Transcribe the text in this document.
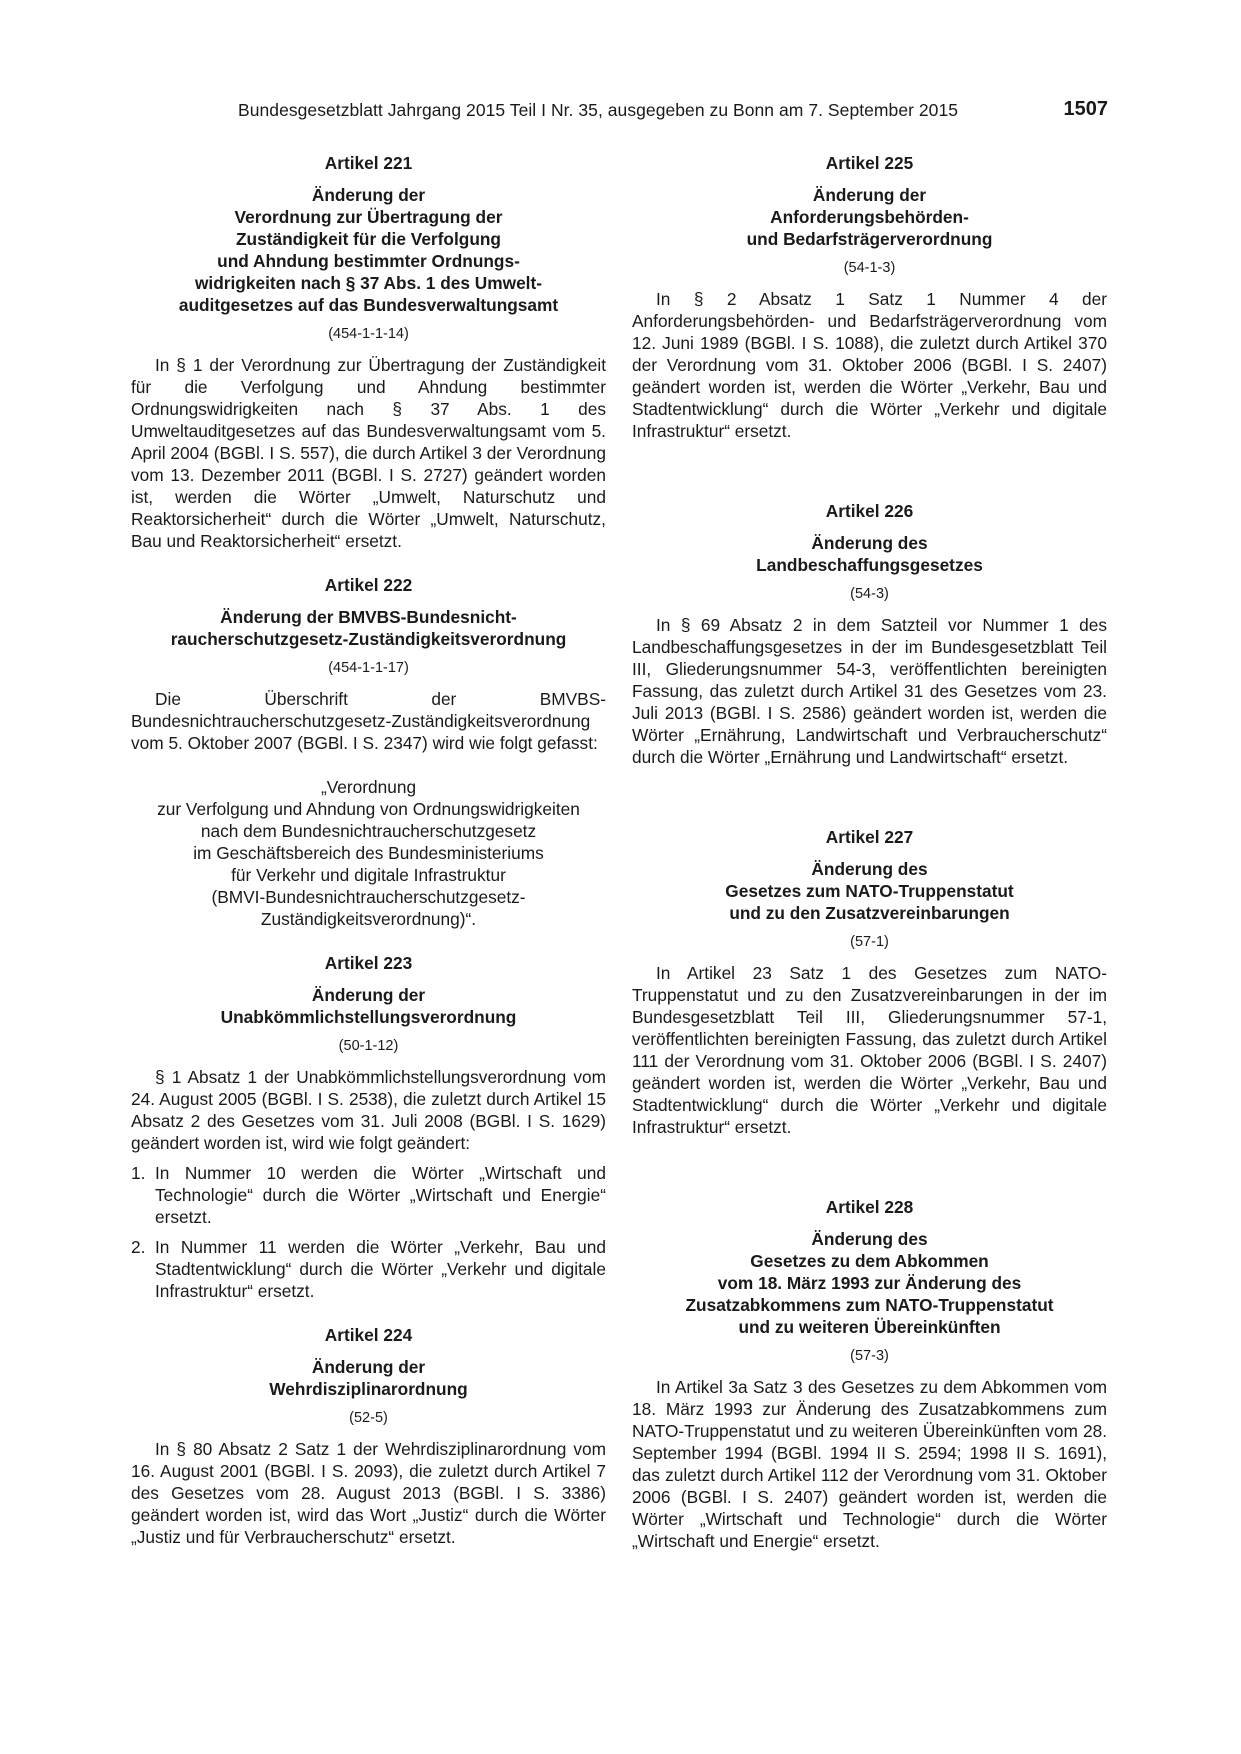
Bundesgesetzblatt Jahrgang 2015 Teil I Nr. 35, ausgegeben zu Bonn am 7. September 2015	1507
Artikel 221
Änderung der
Verordnung zur Übertragung der
Zuständigkeit für die Verfolgung
und Ahndung bestimmter Ordnungs-
widrigkeiten nach § 37 Abs. 1 des Umwelt-
auditgesetzes auf das Bundesverwaltungsamt
(454-1-1-14)

In § 1 der Verordnung zur Übertragung der Zuständigkeit für die Verfolgung und Ahndung bestimmter Ordnungswidrigkeiten nach § 37 Abs. 1 des Umweltauditgesetzes auf das Bundesverwaltungsamt vom 5. April 2004 (BGBl. I S. 557), die durch Artikel 3 der Verordnung vom 13. Dezember 2011 (BGBl. I S. 2727) geändert worden ist, werden die Wörter „Umwelt, Naturschutz und Reaktorsicherheit“ durch die Wörter „Umwelt, Naturschutz, Bau und Reaktorsicherheit“ ersetzt.

Artikel 222
Änderung der BMVBS-Bundesnicht-
raucherschutzgesetz-Zuständigkeitsverordnung
(454-1-1-17)

Die Überschrift der BMVBS-Bundesnichtraucherschutzgesetz-Zuständigkeitsverordnung vom 5. Oktober 2007 (BGBl. I S. 2347) wird wie folgt gefasst:

„Verordnung
zur Verfolgung und Ahndung von Ordnungswidrigkeiten
nach dem Bundesnichtraucherschutzgesetz
im Geschäftsbereich des Bundesministeriums
für Verkehr und digitale Infrastruktur
(BMVI-Bundesnichtraucherschutzgesetz-
Zuständigkeitsverordnung)“.
Artikel 223
Änderung der
Unabkömmlichstellungsverordnung
(50-1-12)

§ 1 Absatz 1 der Unabkömmlichstellungsverordnung vom 24. August 2005 (BGBl. I S. 2538), die zuletzt durch Artikel 15 Absatz 2 des Gesetzes vom 31. Juli 2008 (BGBl. I S. 1629) geändert worden ist, wird wie folgt geändert:

1. In Nummer 10 werden die Wörter „Wirtschaft und Technologie“ durch die Wörter „Wirtschaft und Energie“ ersetzt.
2. In Nummer 11 werden die Wörter „Verkehr, Bau und Stadtentwicklung“ durch die Wörter „Verkehr und digitale Infrastruktur“ ersetzt.
Artikel 224
Änderung der
Wehrdisziplinarordnung
(52-5)

In § 80 Absatz 2 Satz 1 der Wehrdisziplinarordnung vom 16. August 2001 (BGBl. I S. 2093), die zuletzt durch Artikel 7 des Gesetzes vom 28. August 2013 (BGBl. I S. 3386) geändert worden ist, wird das Wort „Justiz“ durch die Wörter „Justiz und für Verbraucherschutz“ ersetzt.

Artikel 225
Änderung der
Anforderungsbehörden-
und Bedarfsträgerverordnung
(54-1-3)

In § 2 Absatz 1 Satz 1 Nummer 4 der Anforderungsbehörden- und Bedarfsträgerverordnung vom 12. Juni 1989 (BGBl. I S. 1088), die zuletzt durch Artikel 370 der Verordnung vom 31. Oktober 2006 (BGBl. I S. 2407) geändert worden ist, werden die Wörter „Verkehr, Bau und Stadtentwicklung“ durch die Wörter „Verkehr und digitale Infrastruktur“ ersetzt.

Artikel 226
Änderung des
Landbeschaffungsgesetzes
(54-3)

In § 69 Absatz 2 in dem Satzteil vor Nummer 1 des Landbeschaffungsgesetzes in der im Bundesgesetzblatt Teil III, Gliederungsnummer 54-3, veröffentlichten bereinigten Fassung, das zuletzt durch Artikel 31 des Gesetzes vom 23. Juli 2013 (BGBl. I S. 2586) geändert worden ist, werden die Wörter „Ernährung, Landwirtschaft und Verbraucherschutz“ durch die Wörter „Ernährung und Landwirtschaft“ ersetzt.

Artikel 227
Änderung des
Gesetzes zum NATO-Truppenstatut
und zu den Zusatzvereinbarungen
(57-1)

In Artikel 23 Satz 1 des Gesetzes zum NATO-Truppenstatut und zu den Zusatzvereinbarungen in der im Bundesgesetzblatt Teil III, Gliederungsnummer 57-1, veröffentlichten bereinigten Fassung, das zuletzt durch Artikel 111 der Verordnung vom 31. Oktober 2006 (BGBl. I S. 2407) geändert worden ist, werden die Wörter „Verkehr, Bau und Stadtentwicklung“ durch die Wörter „Verkehr und digitale Infrastruktur“ ersetzt.

Artikel 228
Änderung des
Gesetzes zu dem Abkommen
vom 18. März 1993 zur Änderung des
Zusatzabkommens zum NATO-Truppenstatut
und zu weiteren Übereinkünften
(57-3)

In Artikel 3a Satz 3 des Gesetzes zu dem Abkommen vom 18. März 1993 zur Änderung des Zusatzabkommens zum NATO-Truppenstatut und zu weiteren Übereinkünften vom 28. September 1994 (BGBl. 1994 II S. 2594; 1998 II S. 1691), das zuletzt durch Artikel 112 der Verordnung vom 31. Oktober 2006 (BGBl. I S. 2407) geändert worden ist, werden die Wörter „Wirtschaft und Technologie“ durch die Wörter „Wirtschaft und Energie“ ersetzt.
